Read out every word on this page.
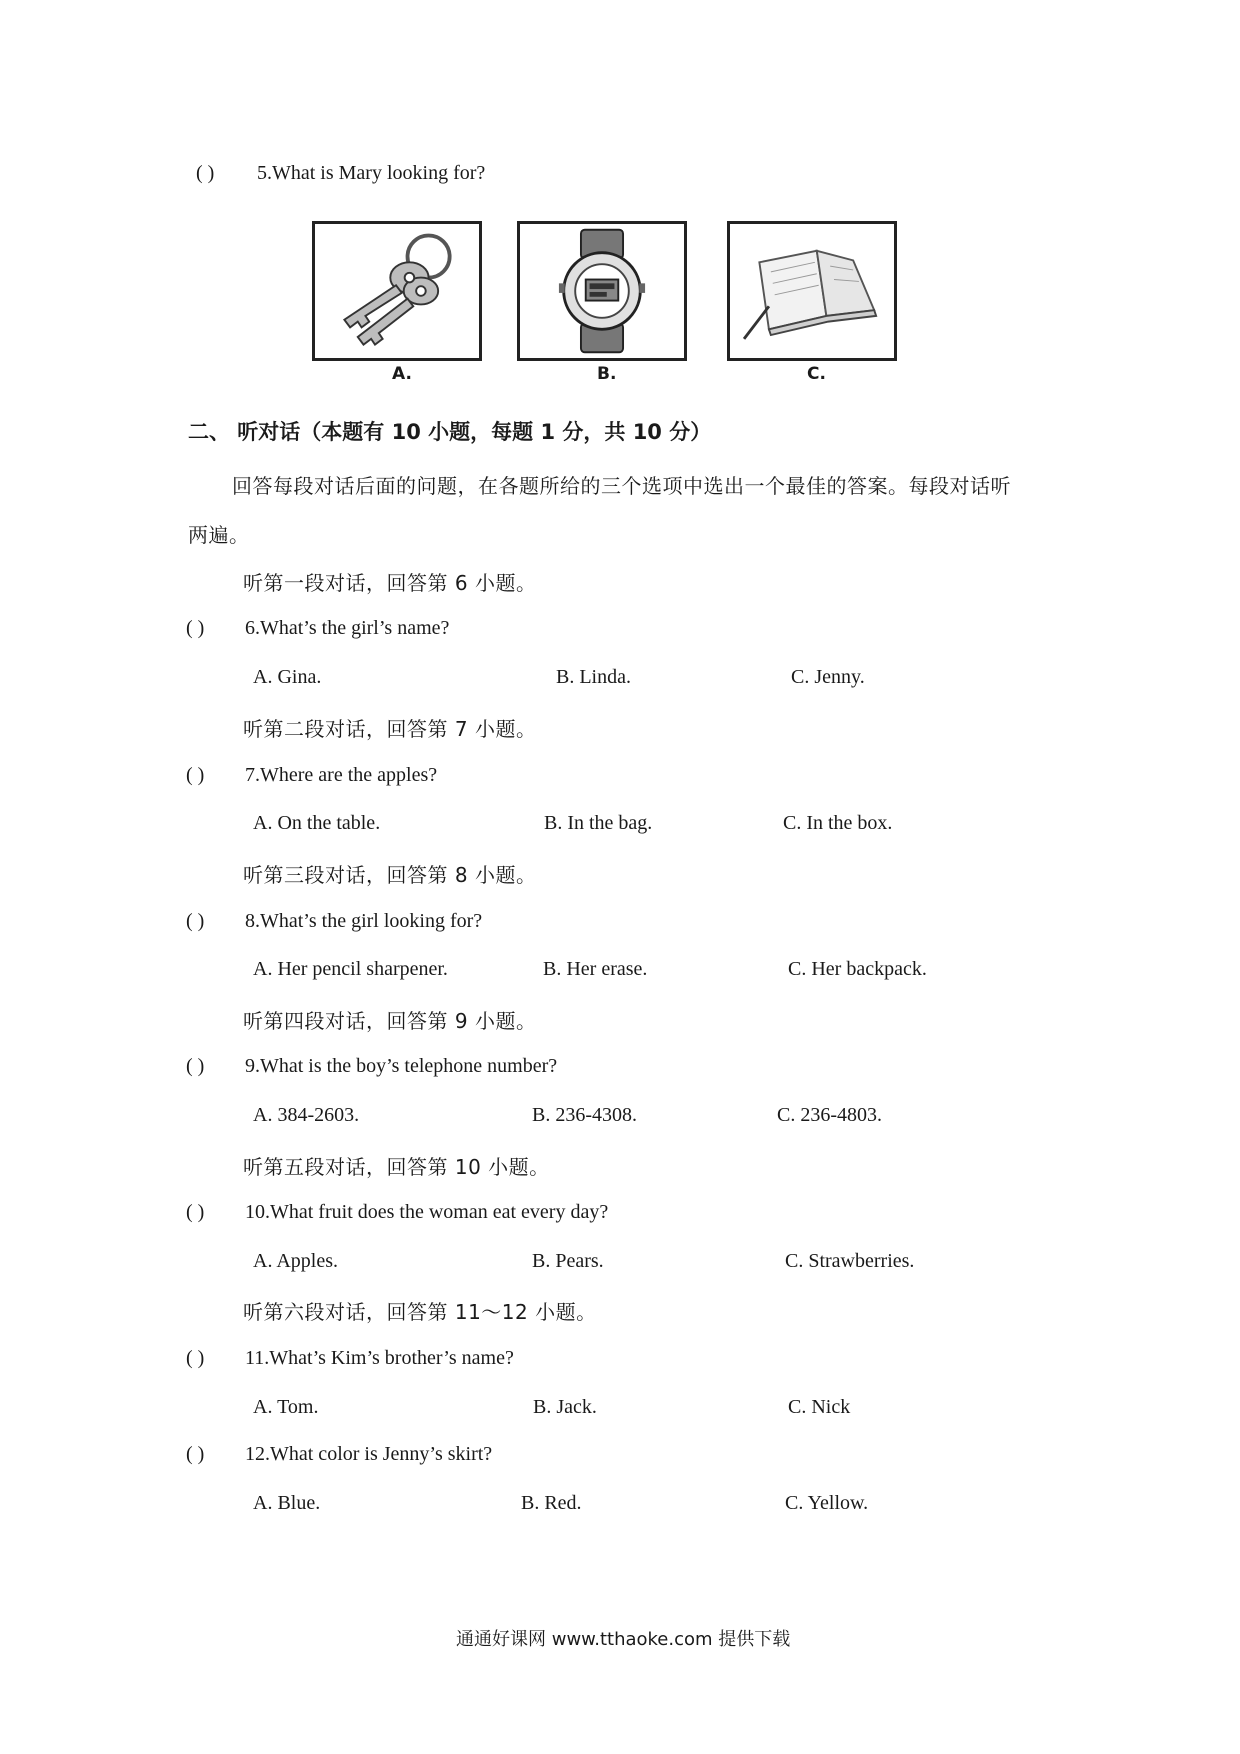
( ) 5.What is Mary looking for?
A.	B.	C.
二、 听对话（本题有 10 小题，每题 1 分，共 10 分）
回答每段对话后面的问题，在各题所给的三个选项中选出一个最佳的答案。每段对话听
两遍。
听第一段对话，回答第 6 小题。
( ) 6.What’s the girl’s name?
A. Gina.	B. Linda.	C. Jenny.
听第二段对话，回答第 7 小题。
( ) 7.Where are the apples?
A. On the table.	B. In the bag.	C. In the box.
听第三段对话，回答第 8 小题。
( ) 8.What’s the girl looking for?
A. Her pencil sharpener.	B. Her erase.	C. Her backpack.
听第四段对话，回答第 9 小题。
( ) 9.What is the boy’s telephone number?
A. 384-2603.	B. 236-4308.	C. 236-4803.
听第五段对话，回答第 10 小题。
( ) 10.What fruit does the woman eat every day?
A. Apples.	B. Pears.	C. Strawberries.
听第六段对话，回答第 11～12 小题。
( ) 11.What’s Kim’s brother’s name?
A. Tom.	B. Jack.	C. Nick
( ) 12.What color is Jenny’s skirt?
A. Blue.	B. Red.	C. Yellow.
通通好课网 www.tthaoke.com 提供下载
